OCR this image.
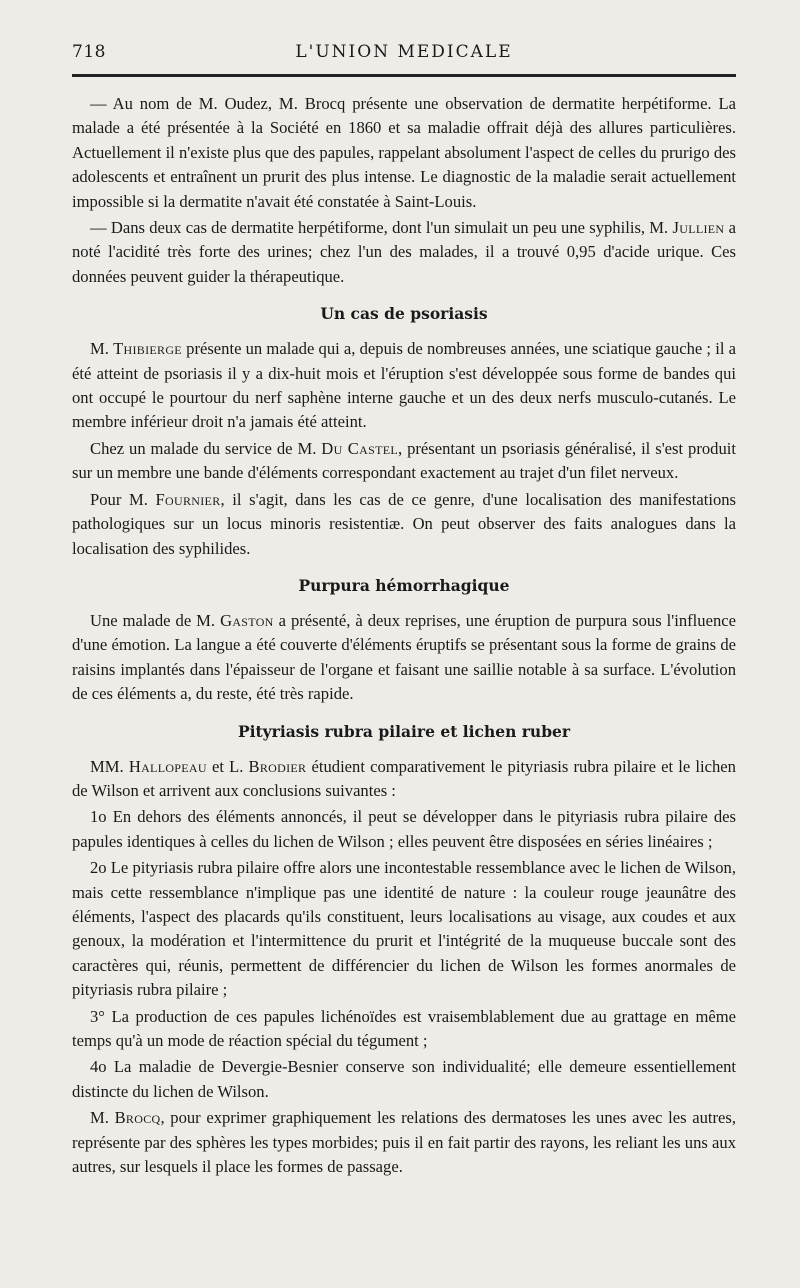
718	L'UNION MEDICALE

— Au nom de M. Oudez, M. Brocq présente une observation de dermatite herpétiforme. La malade a été présentée à la Société en 1860 et sa maladie offrait déjà des allures particulières. Actuellement il n'existe plus que des papules, rappelant absolument l'aspect de celles du prurigo des adolescents et entraînent un prurit des plus intense. Le diagnostic de la maladie serait actuellement impossible si la dermatite n'avait été constatée à Saint-Louis.

— Dans deux cas de dermatite herpétiforme, dont l'un simulait un peu une syphilis, M. Jullien a noté l'acidité très forte des urines; chez l'un des malades, il a trouvé 0,95 d'acide urique. Ces données peuvent guider la thérapeutique.

Un cas de psoriasis

M. Thibierge présente un malade qui a, depuis de nombreuses années, une sciatique gauche ; il a été atteint de psoriasis il y a dix-huit mois et l'éruption s'est développée sous forme de bandes qui ont occupé le pourtour du nerf saphène interne gauche et un des deux nerfs musculo-cutanés. Le membre inférieur droit n'a jamais été atteint.

Chez un malade du service de M. Du Castel, présentant un psoriasis généralisé, il s'est produit sur un membre une bande d'éléments correspondant exactement au trajet d'un filet nerveux.

Pour M. Fournier, il s'agit, dans les cas de ce genre, d'une localisation des manifestations pathologiques sur un locus minoris resistentiæ. On peut observer des faits analogues dans la localisation des syphilides.

Purpura hémorrhagique

Une malade de M. Gaston a présenté, à deux reprises, une éruption de purpura sous l'influence d'une émotion. La langue a été couverte d'éléments éruptifs se présentant sous la forme de grains de raisins implantés dans l'épaisseur de l'organe et faisant une saillie notable à sa surface. L'évolution de ces éléments a, du reste, été très rapide.

Pityriasis rubra pilaire et lichen ruber

MM. Hallopeau et L. Brodier étudient comparativement le pityriasis rubra pilaire et le lichen de Wilson et arrivent aux conclusions suivantes :

1o En dehors des éléments annoncés, il peut se développer dans le pityriasis rubra pilaire des papules identiques à celles du lichen de Wilson ; elles peuvent être disposées en séries linéaires ;

2o Le pityriasis rubra pilaire offre alors une incontestable ressemblance avec le lichen de Wilson, mais cette ressemblance n'implique pas une identité de nature : la couleur rouge jeaunâtre des éléments, l'aspect des placards qu'ils constituent, leurs localisations au visage, aux coudes et aux genoux, la modération et l'intermittence du prurit et l'intégrité de la muqueuse buccale sont des caractères qui, réunis, permettent de différencier du lichen de Wilson les formes anormales de pityriasis rubra pilaire ;

3° La production de ces papules lichénoïdes est vraisemblablement due au grattage en même temps qu'à un mode de réaction spécial du tégument ;

4o La maladie de Devergie-Besnier conserve son individualité; elle demeure essentiellement distincte du lichen de Wilson.

M. Brocq, pour exprimer graphiquement les relations des dermatoses les unes avec les autres, représente par des sphères les types morbides; puis il en fait partir des rayons, les reliant les uns aux autres, sur lesquels il place les formes de passage.
